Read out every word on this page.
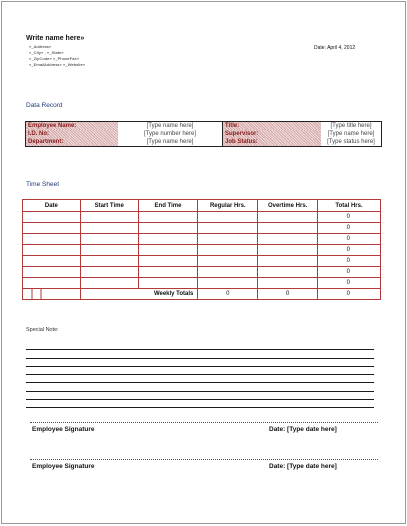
Write name here»
«_Address»
«_City» , «_State»
«_ZipCode» «_PhoneFax»
«_EmailAddress» «_Website»
Date: April 4, 2012
Data Record
Employee Name:	[Type name here]	Title:	[Type title here]
I.D. No:	[Type number here]	Supervisor:	[Type name here]
Department:	[Type name here]	Job Status:	[Type status here]
Time Sheet
Date	Start Time	End Time	Regular Hrs.	Overtime Hrs.	Total Hrs.
					0
					0
					0
					0
					0
					0
					0
	Weekly Totals		0	0	0
Special Note:
Employee Signature	Date: [Type date here]
Employee Signature	Date: [Type date here]
